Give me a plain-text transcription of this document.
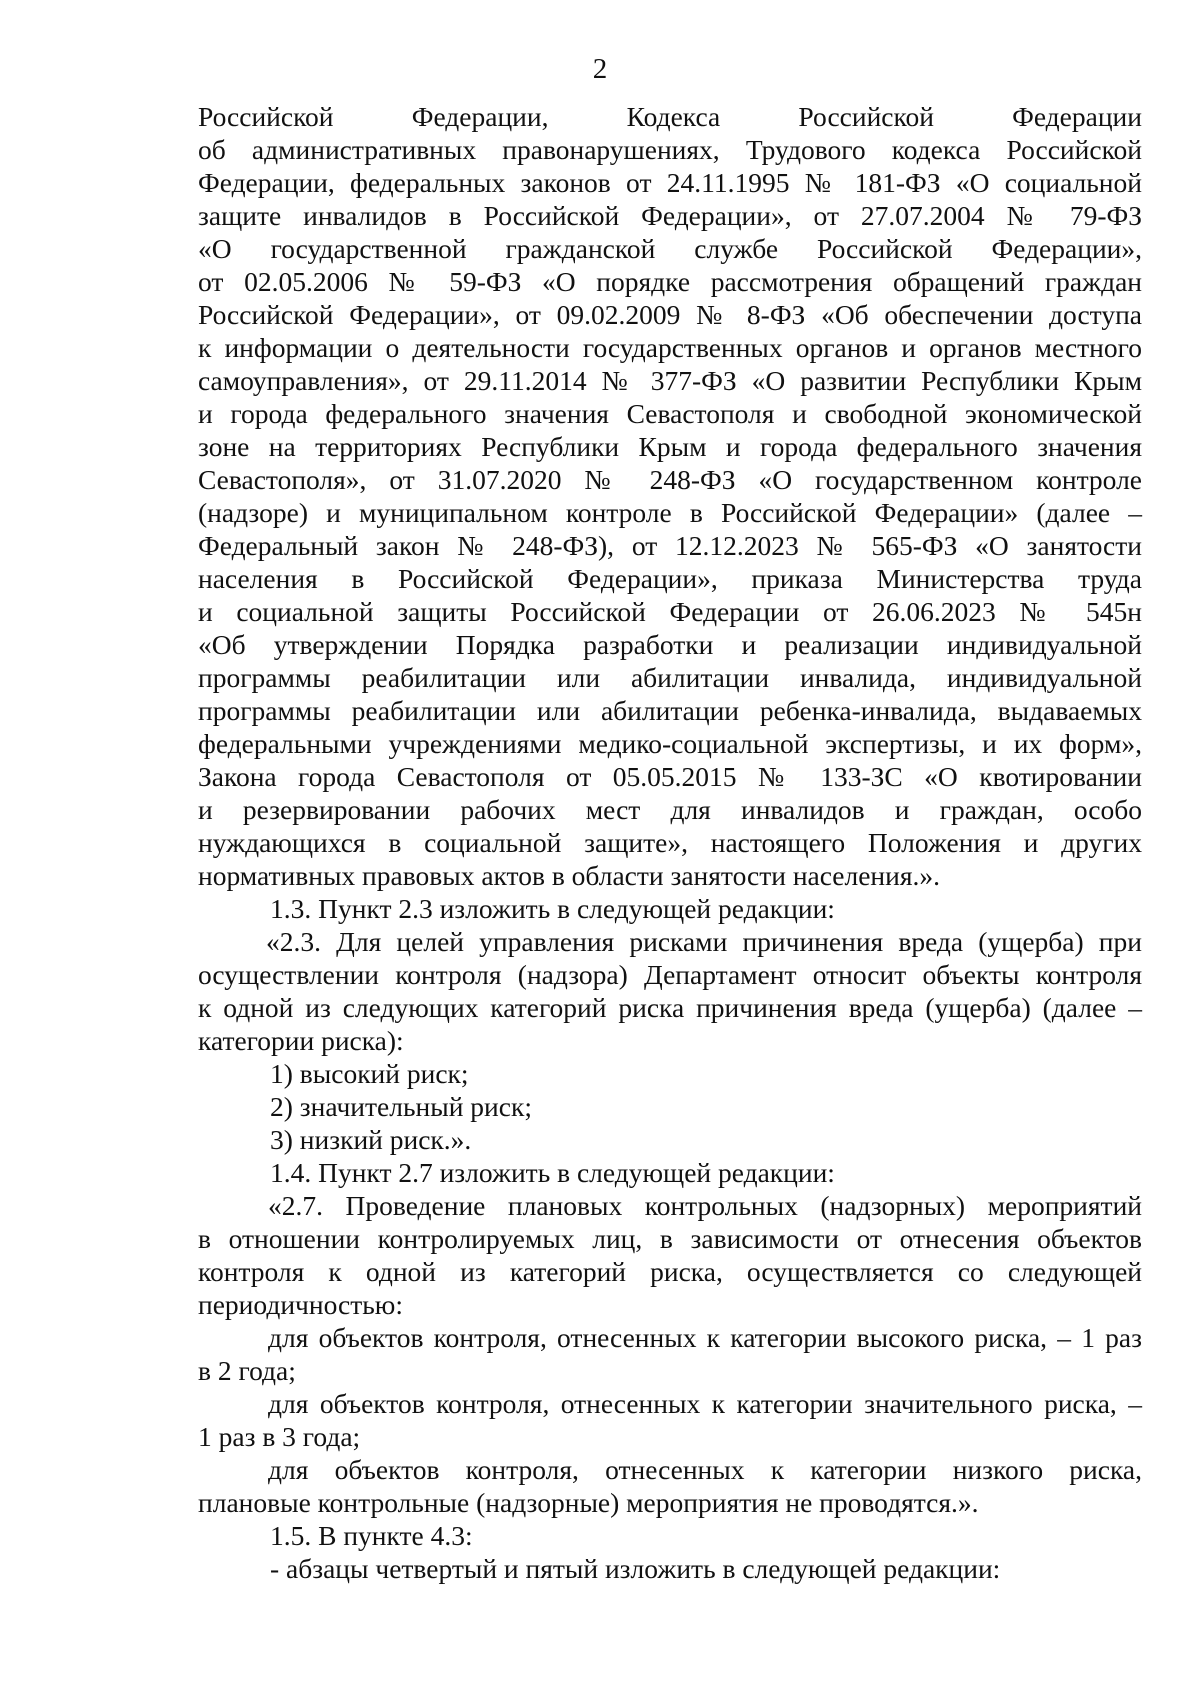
2
Российской Федерации, Кодекса Российской Федерации
об административных правонарушениях, Трудового кодекса Российской
Федерации, федеральных законов от 24.11.1995 № 181-ФЗ «О социальной
защите инвалидов в Российской Федерации», от 27.07.2004 № 79-ФЗ
«О государственной гражданской службе Российской Федерации»,
от 02.05.2006 № 59-ФЗ «О порядке рассмотрения обращений граждан
Российской Федерации», от 09.02.2009 № 8-ФЗ «Об обеспечении доступа
к информации о деятельности государственных органов и органов местного
самоуправления», от 29.11.2014 № 377-ФЗ «О развитии Республики Крым
и города федерального значения Севастополя и свободной экономической
зоне на территориях Республики Крым и города федерального значения
Севастополя», от 31.07.2020 № 248-ФЗ «О государственном контроле
(надзоре) и муниципальном контроле в Российской Федерации» (далее –
Федеральный закон № 248-ФЗ), от 12.12.2023 № 565-ФЗ «О занятости
населения в Российской Федерации», приказа Министерства труда
и социальной защиты Российской Федерации от 26.06.2023 № 545н
«Об утверждении Порядка разработки и реализации индивидуальной
программы реабилитации или абилитации инвалида, индивидуальной
программы реабилитации или абилитации ребенка-инвалида, выдаваемых
федеральными учреждениями медико-социальной экспертизы, и их форм»,
Закона города Севастополя от 05.05.2015 № 133-ЗС «О квотировании
и резервировании рабочих мест для инвалидов и граждан, особо
нуждающихся в социальной защите», настоящего Положения и других
нормативных правовых актов в области занятости населения.».
1.3. Пункт 2.3 изложить в следующей редакции:
«2.3. Для целей управления рисками причинения вреда (ущерба) при
осуществлении контроля (надзора) Департамент относит объекты контроля
к одной из следующих категорий риска причинения вреда (ущерба) (далее –
категории риска):
1) высокий риск;
2) значительный риск;
3) низкий риск.».
1.4. Пункт 2.7 изложить в следующей редакции:
«2.7. Проведение плановых контрольных (надзорных) мероприятий
в отношении контролируемых лиц, в зависимости от отнесения объектов
контроля к одной из категорий риска, осуществляется со следующей
периодичностью:
для объектов контроля, отнесенных к категории высокого риска, – 1 раз
в 2 года;
для объектов контроля, отнесенных к категории значительного риска, –
1 раз в 3 года;
для объектов контроля, отнесенных к категории низкого риска,
плановые контрольные (надзорные) мероприятия не проводятся.».
1.5. В пункте 4.3:
- абзацы четвертый и пятый изложить в следующей редакции:
